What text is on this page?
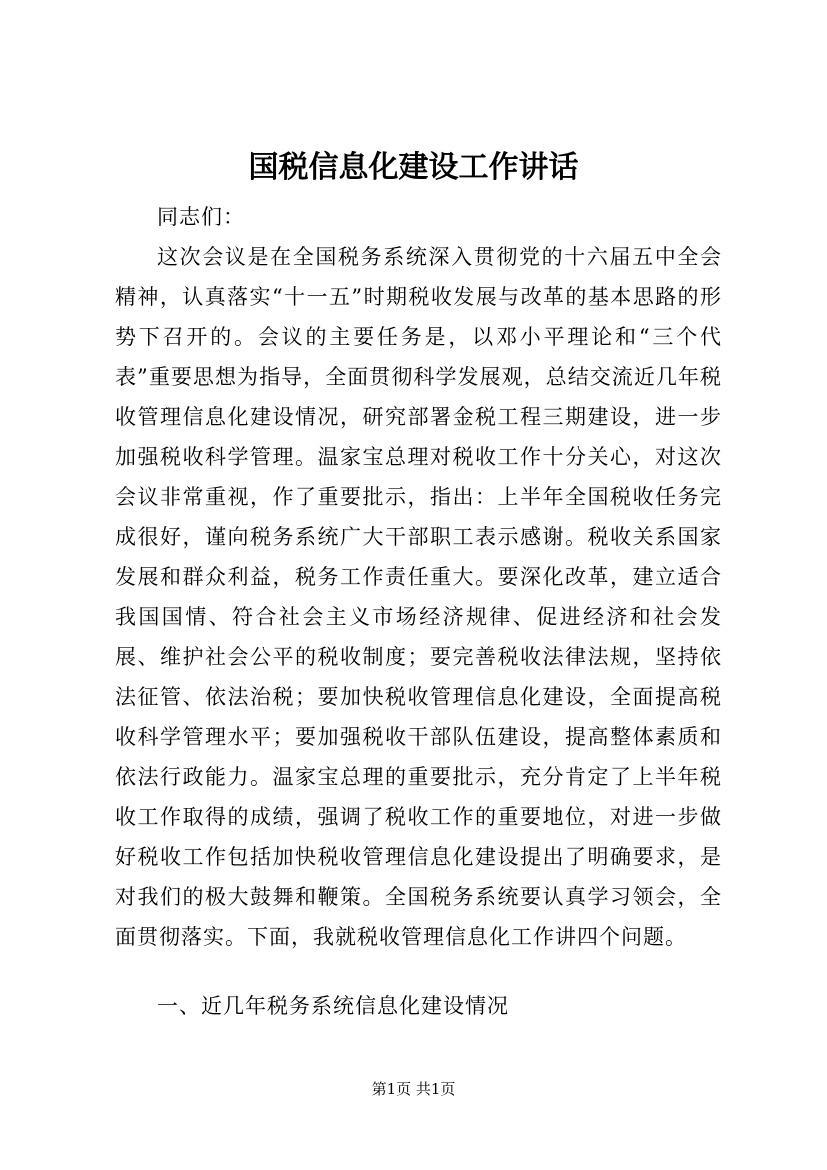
国税信息化建设工作讲话

同志们：

这次会议是在全国税务系统深入贯彻党的十六届五中全会精神，认真落实“十一五”时期税收发展与改革的基本思路的形势下召开的。会议的主要任务是，以邓小平理论和“三个代表”重要思想为指导，全面贯彻科学发展观，总结交流近几年税收管理信息化建设情况，研究部署金税工程三期建设，进一步加强税收科学管理。温家宝总理对税收工作十分关心，对这次会议非常重视，作了重要批示，指出：上半年全国税收任务完成很好，谨向税务系统广大干部职工表示感谢。税收关系国家发展和群众利益，税务工作责任重大。要深化改革，建立适合我国国情、符合社会主义市场经济规律、促进经济和社会发展、维护社会公平的税收制度；要完善税收法律法规，坚持依法征管、依法治税；要加快税收管理信息化建设，全面提高税收科学管理水平；要加强税收干部队伍建设，提高整体素质和依法行政能力。温家宝总理的重要批示，充分肯定了上半年税收工作取得的成绩，强调了税收工作的重要地位，对进一步做好税收工作包括加快税收管理信息化建设提出了明确要求，是对我们的极大鼓舞和鞭策。全国税务系统要认真学习领会，全面贯彻落实。下面，我就税收管理信息化工作讲四个问题。

一、近几年税务系统信息化建设情况
第1页 共1页
